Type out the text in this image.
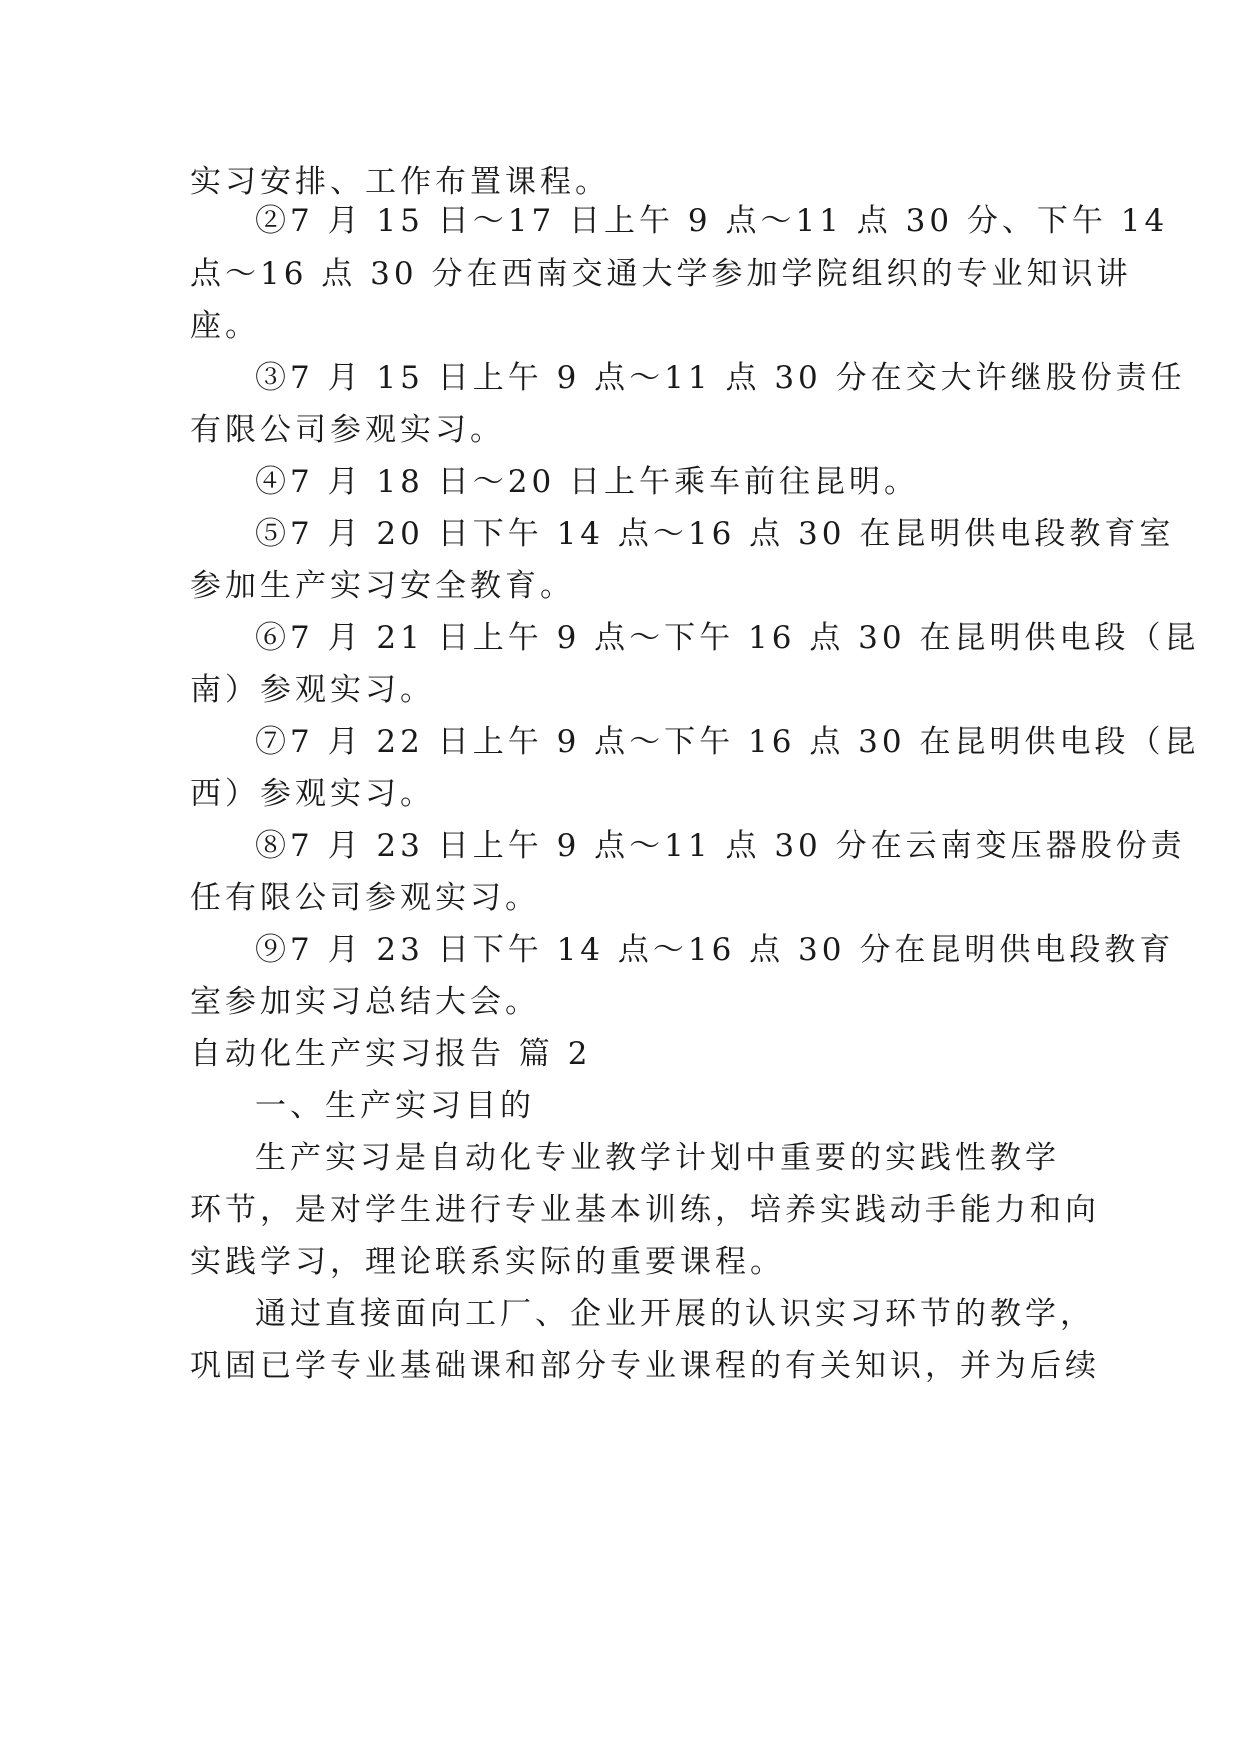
实习安排、工作布置课程。
②7 月 15 日～17 日上午 9 点～11 点 30 分、下午 14
点～16 点 30 分在西南交通大学参加学院组织的专业知识讲
座。
③7 月 15 日上午 9 点～11 点 30 分在交大许继股份责任
有限公司参观实习。
④7 月 18 日～20 日上午乘车前往昆明。
⑤7 月 20 日下午 14 点～16 点 30 在昆明供电段教育室
参加生产实习安全教育。
⑥7 月 21 日上午 9 点～下午 16 点 30 在昆明供电段（昆
南）参观实习。
⑦7 月 22 日上午 9 点～下午 16 点 30 在昆明供电段（昆
西）参观实习。
⑧7 月 23 日上午 9 点～11 点 30 分在云南变压器股份责
任有限公司参观实习。
⑨7 月 23 日下午 14 点～16 点 30 分在昆明供电段教育
室参加实习总结大会。
自动化生产实习报告 篇 2
一、生产实习目的
生产实习是自动化专业教学计划中重要的实践性教学
环节，是对学生进行专业基本训练，培养实践动手能力和向
实践学习，理论联系实际的重要课程。
通过直接面向工厂、企业开展的认识实习环节的教学，
巩固已学专业基础课和部分专业课程的有关知识，并为后续
